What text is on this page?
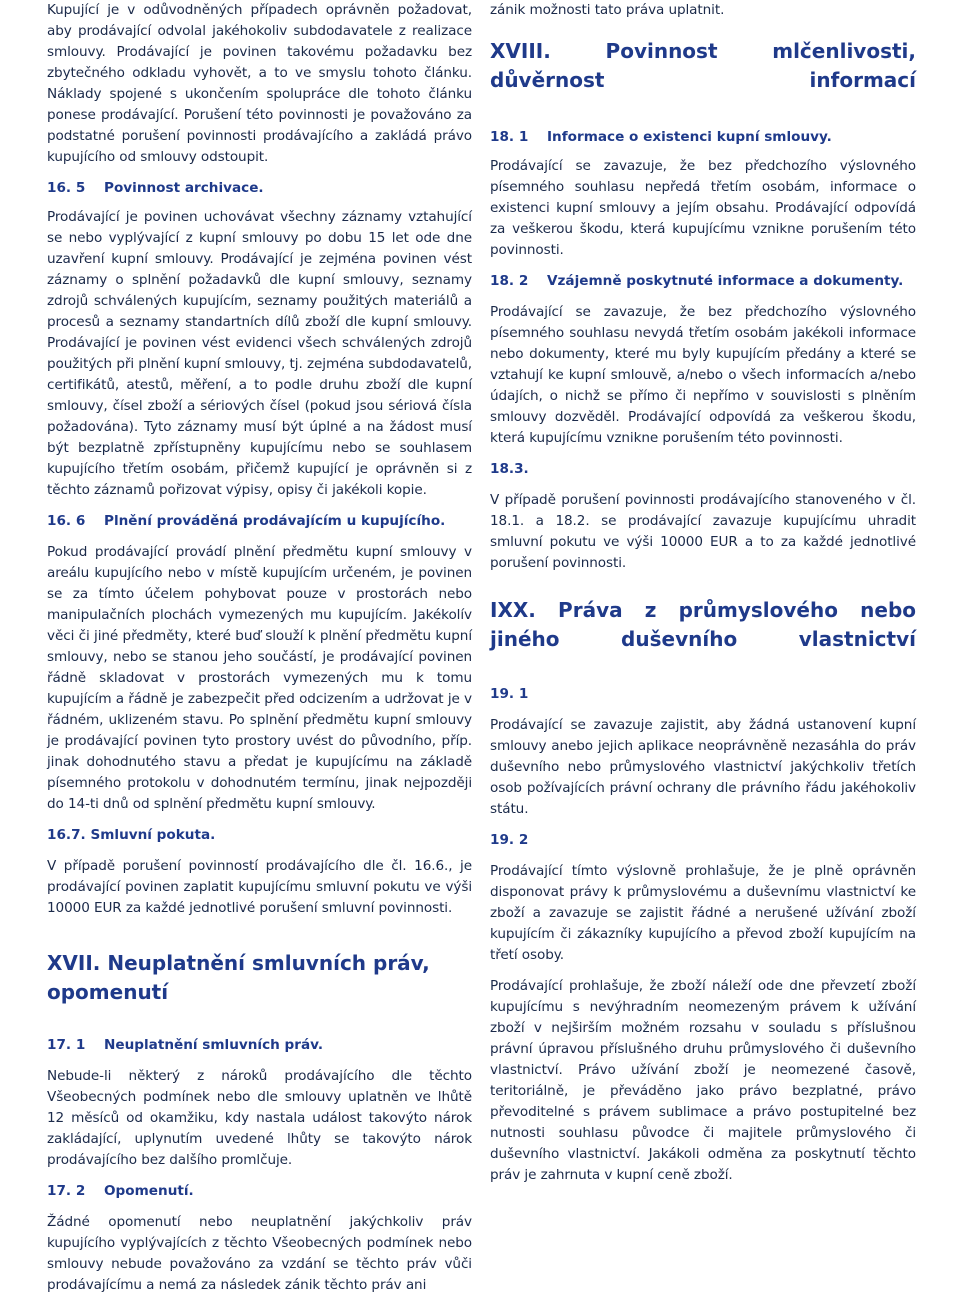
Kupující je v odůvodněných případech oprávněn požadovat, aby prodávající odvolal jakéhokoliv subdodavatele z realizace smlouvy. Prodávající je povinen takovému požadavku bez zbytečného odkladu vyhovět, a to ve smyslu tohoto článku. Náklady spojené s ukončením spolupráce dle tohoto článku ponese prodávající. Porušení této povinnosti je považováno za podstatné porušení povinnosti prodávajícího a zakládá právo kupujícího od smlouvy odstoupit.

16. 5 Povinnost archivace.

Prodávající je povinen uchovávat všechny záznamy vztahující se nebo vyplývající z kupní smlouvy po dobu 15 let ode dne uzavření kupní smlouvy. Prodávající je zejména povinen vést záznamy o splnění požadavků dle kupní smlouvy, seznamy zdrojů schválených kupujícím, seznamy použitých materiálů a procesů a seznamy standartních dílů zboží dle kupní smlouvy. Prodávající je povinen vést evidenci všech schválených zdrojů použitých při plnění kupní smlouvy, tj. zejména subdodavatelů, certifikátů, atestů, měření, a to podle druhu zboží dle kupní smlouvy, čísel zboží a sériových čísel (pokud jsou sériová čísla požadována). Tyto záznamy musí být úplné a na žádost musí být bezplatně zpřístupněny kupujícímu nebo se souhlasem kupujícího třetím osobám, přičemž kupující je oprávněn si z těchto záznamů pořizovat výpisy, opisy či jakékoli kopie.

16. 6 Plnění prováděná prodávajícím u kupujícího.

Pokud prodávající provádí plnění předmětu kupní smlouvy v areálu kupujícího nebo v místě kupujícím určeném, je povinen se za tímto účelem pohybovat pouze v prostorách nebo manipulačních plochách vymezených mu kupujícím. Jakékolív věci či jiné předměty, které buď slouží k plnění předmětu kupní smlouvy, nebo se stanou jeho součástí, je prodávající povinen řádně skladovat v prostorách vymezených mu k tomu kupujícím a řádně je zabezpečit před odcizením a udržovat je v řádném, uklizeném stavu. Po splnění předmětu kupní smlouvy je prodávající povinen tyto prostory uvést do původního, příp. jinak dohodnutého stavu a předat je kupujícímu na základě písemného protokolu v dohodnutém termínu, jinak nejpozději do 14-ti dnů od splnění předmětu kupní smlouvy.

16.7. Smluvní pokuta.

V případě porušení povinností prodávajícího dle čl. 16.6., je prodávající povinen zaplatit kupujícímu smluvní pokutu ve výši 10000 EUR za každé jednotlivé porušení smluvní povinnosti.

XVII. Neuplatnění smluvních práv, opomenutí
17. 1 Neuplatnění smluvních práv.

Nebude-li některý z nároků prodávajícího dle těchto Všeobecných podmínek nebo dle smlouvy uplatněn ve lhůtě 12 měsíců od okamžiku, kdy nastala událost takovýto nárok zakládající, uplynutím uvedené lhůty se takovýto nárok prodávajícího bez dalšího promlčuje.

17. 2 Opomenutí.

Žádné opomenutí nebo neuplatnění jakýchkoliv práv kupujícího vyplývajících z těchto Všeobecných podmínek nebo smlouvy nebude považováno za vzdání se těchto práv vůči prodávajícímu a nemá za následek zánik těchto práv ani

zánik možnosti tato práva uplatnit.

XVIII. Povinnost mlčenlivosti, důvěrnost informací
18. 1 Informace o existenci kupní smlouvy.

Prodávající se zavazuje, že bez předchozího výslovného písemného souhlasu nepředá třetím osobám, informace o existenci kupní smlouvy a jejím obsahu. Prodávající odpovídá za veškerou škodu, která kupujícímu vznikne porušením této povinnosti.

18. 2 Vzájemně poskytnuté informace a dokumenty.

Prodávající se zavazuje, že bez předchozího výslovného písemného souhlasu nevydá třetím osobám jakékoli informace nebo dokumenty, které mu byly kupujícím předány a které se vztahují ke kupní smlouvě, a/nebo o všech informacích a/nebo údajích, o nichž se přímo či nepřímo v souvislosti s plněním smlouvy dozvěděl. Prodávající odpovídá za veškerou škodu, která kupujícímu vznikne porušením této povinnosti.

18.3.

V případě porušení povinnosti prodávajícího stanoveného v čl. 18.1. a 18.2. se prodávající zavazuje kupujícímu uhradit smluvní pokutu ve výši 10000 EUR a to za každé jednotlivé porušení povinnosti.

IXX. Práva z průmyslového nebo jiného duševního vlastnictví
19. 1

Prodávající se zavazuje zajistit, aby žádná ustanovení kupní smlouvy anebo jejich aplikace neoprávněně nezasáhla do práv duševního nebo průmyslového vlastnictví jakýchkoliv třetích osob požívajících právní ochrany dle právního řádu jakéhokoliv státu.

19. 2

Prodávající tímto výslovně prohlašuje, že je plně oprávněn disponovat právy k průmyslovému a duševnímu vlastnictví ke zboží a zavazuje se zajistit řádné a nerušené užívání zboží kupujícím či zákazníky kupujícího a převod zboží kupujícím na třetí osoby.

Prodávající prohlašuje, že zboží náleží ode dne převzetí zboží kupujícímu s nevýhradním neomezeným právem k užívání zboží v nejširším možném rozsahu v souladu s příslušnou právní úpravou příslušného druhu průmyslového či duševního vlastnictví. Právo užívání zboží je neomezené časově, teritoriálně, je převáděno jako právo bezplatné, právo převoditelné s právem sublimace a právo postupitelné bez nutnosti souhlasu původce či majitele průmyslového či duševního vlastnictví. Jakákoli odměna za poskytnutí těchto práv je zahrnuta v kupní ceně zboží.
